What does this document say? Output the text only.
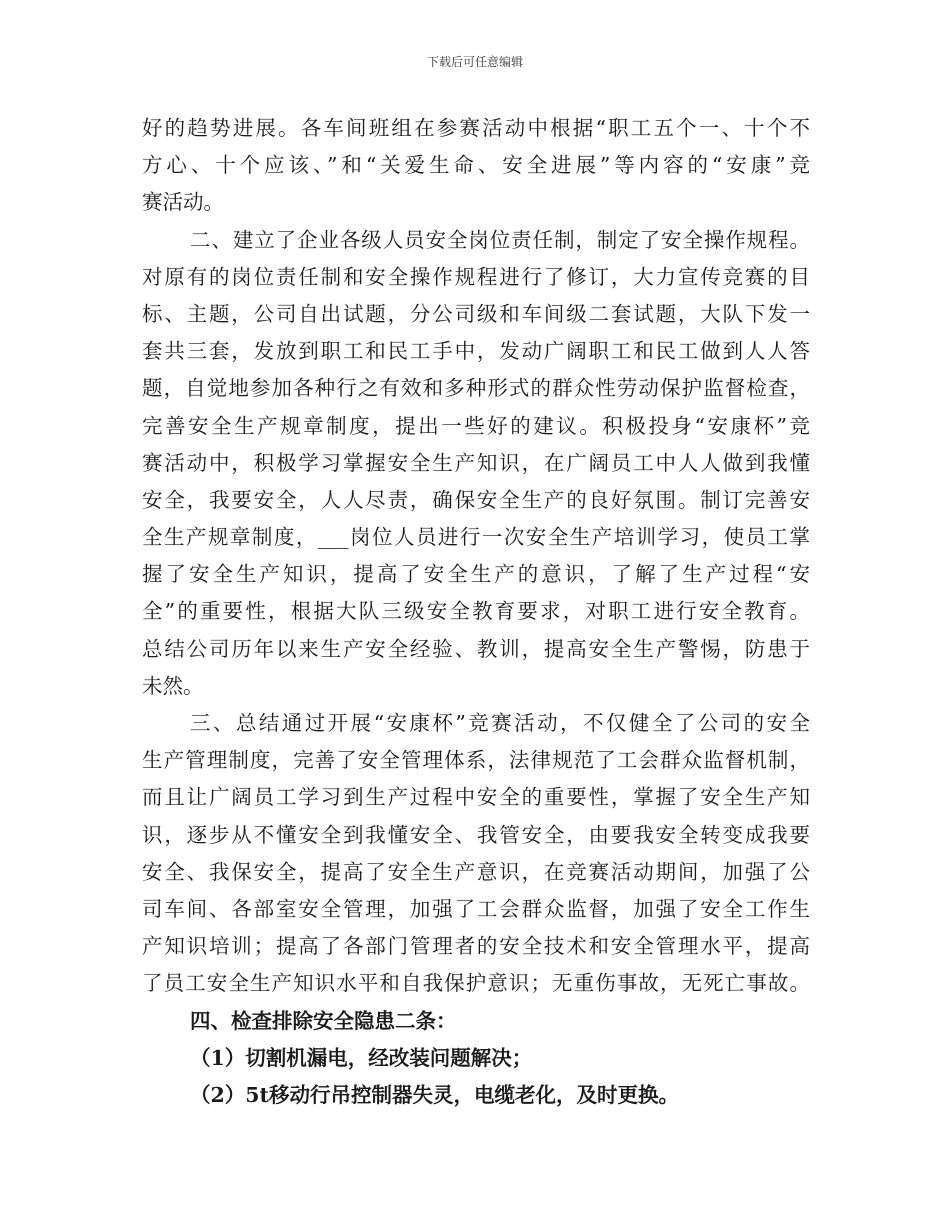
下载后可任意编辑
好的趋势进展。各车间班组在参赛活动中根据“职工五个一、十个不
方心、十个应该、”和“关爱生命、安全进展”等内容的“安康”竞
赛活动。
二、建立了企业各级人员安全岗位责任制，制定了安全操作规程。
对原有的岗位责任制和安全操作规程进行了修订，大力宣传竞赛的目
标、主题，公司自出试题，分公司级和车间级二套试题，大队下发一
套共三套，发放到职工和民工手中，发动广阔职工和民工做到人人答
题，自觉地参加各种行之有效和多种形式的群众性劳动保护监督检查，
完善安全生产规章制度，提出一些好的建议。积极投身“安康杯”竞
赛活动中，积极学习掌握安全生产知识，在广阔员工中人人做到我懂
安全，我要安全，人人尽责，确保安全生产的良好氛围。制订完善安
全生产规章制度，___岗位人员进行一次安全生产培训学习，使员工掌
握了安全生产知识，提高了安全生产的意识，了解了生产过程“安
全”的重要性，根据大队三级安全教育要求，对职工进行安全教育。
总结公司历年以来生产安全经验、教训，提高安全生产警惕，防患于
未然。
三、总结通过开展“安康杯”竞赛活动，不仅健全了公司的安全
生产管理制度，完善了安全管理体系，法律规范了工会群众监督机制，
而且让广阔员工学习到生产过程中安全的重要性，掌握了安全生产知
识，逐步从不懂安全到我懂安全、我管安全，由要我安全转变成我要
安全、我保安全，提高了安全生产意识，在竞赛活动期间，加强了公
司车间、各部室安全管理，加强了工会群众监督，加强了安全工作生
产知识培训；提高了各部门管理者的安全技术和安全管理水平，提高
了员工安全生产知识水平和自我保护意识；无重伤事故，无死亡事故。
四、检查排除安全隐患二条：
（1）切割机漏电，经改装问题解决；
（2）5t移动行吊控制器失灵，电缆老化，及时更换。
